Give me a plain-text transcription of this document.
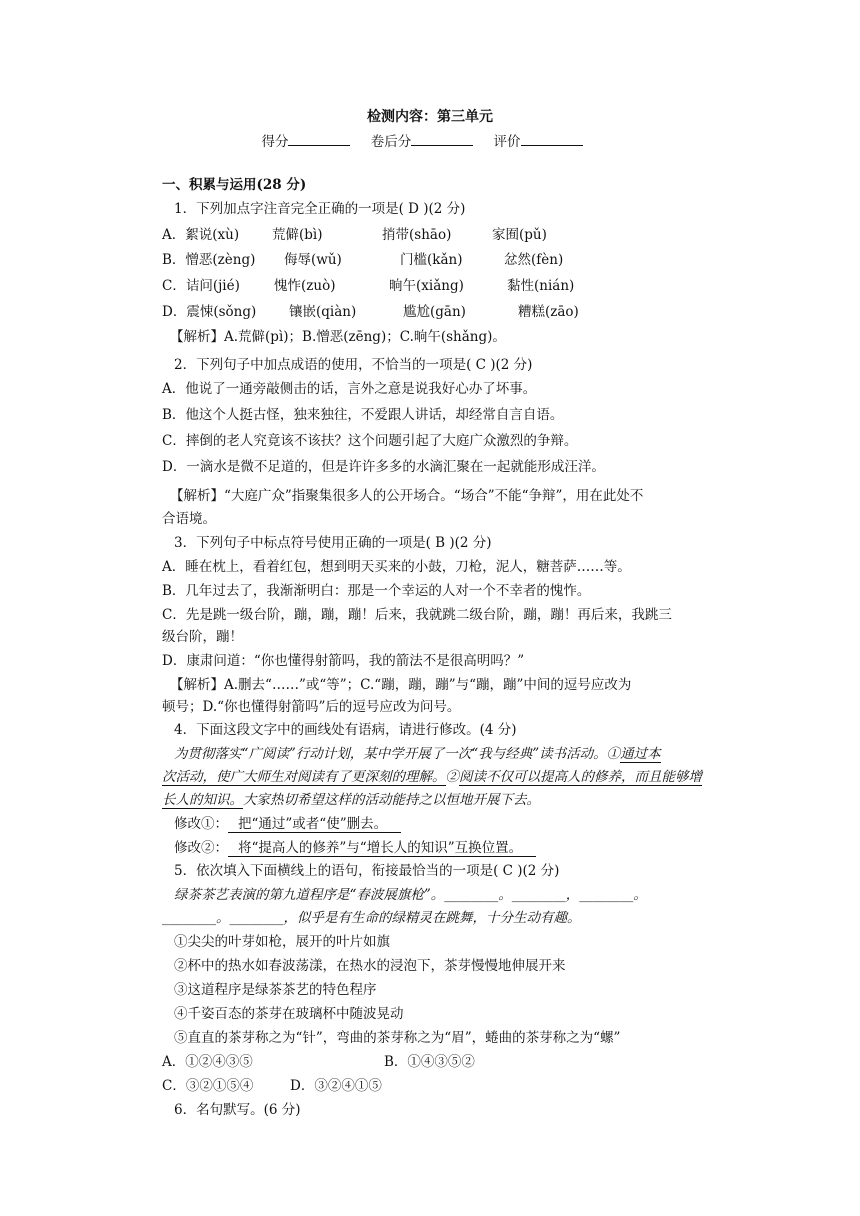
检测内容：第三单元
得分	卷后分	评价
一、积累与运用(28 分)
1．下列加点字注音完全正确的一项是( D )(2 分)
A．絮说(xù) 荒僻(bì)	捎带(shāo)	家囿(pǔ)
B．憎恶(zèng) 侮辱(wǔ)	门槛(kǎn)	忿然(fèn)
C．诘问(jié)	愧怍(zuò)	晌午(xiǎng)	黏性(nián)
D．震悚(sǒng) 镶嵌(qiàn)	尴尬(gān)	糟糕(zāo)
【解析】A.荒僻(pì)；B.憎恶(zēng)；C.晌午(shǎng)。
2．下列句子中加点成语的使用，不恰当的一项是( C )(2 分)
A．他说了一通旁敲侧击的话，言外之意是说我好心办了坏事。
B．他这个人挺古怪，独来独往，不爱跟人讲话，却经常自言自语。
C．摔倒的老人究竟该不该扶？这个问题引起了大庭广众激烈的争辩。
D．一滴水是微不足道的，但是许许多多的水滴汇聚在一起就能形成汪洋。
【解析】“大庭广众”指聚集很多人的公开场合。“场合”不能“争辩”，用在此处不
合语境。
3．下列句子中标点符号使用正确的一项是( B )(2 分)
A．睡在枕上，看着红包，想到明天买来的小鼓，刀枪，泥人，糖菩萨……等。
B．几年过去了，我渐渐明白：那是一个幸运的人对一个不幸者的愧怍。
C．先是跳一级台阶，蹦，蹦，蹦！后来，我就跳二级台阶，蹦，蹦！再后来，我跳三
级台阶，蹦！
D．康肃问道：“你也懂得射箭吗，我的箭法不是很高明吗？”
【解析】A.删去“……”或“等”；C.“蹦，蹦，蹦”与“蹦，蹦”中间的逗号应改为
顿号；D.“你也懂得射箭吗”后的逗号应改为问号。
4．下面这段文字中的画线处有语病，请进行修改。(4 分)
为贯彻落实“广阅读”行动计划，某中学开展了一次“我与经典”读书活动。①通过本
次活动，使广大师生对阅读有了更深刻的理解。②阅读不仅可以提高人的修养，而且能够增
长人的知识。大家热切希望这样的活动能持之以恒地开展下去。
修改①： 把“通过”或者“使”删去。
修改②： 将“提高人的修养”与“增长人的知识”互换位置。
5．依次填入下面横线上的语句，衔接最恰当的一项是( C )(2 分)
绿茶茶艺表演的第九道程序是“春波展旗枪”。________。________，________。
________。________，似乎是有生命的绿精灵在跳舞，十分生动有趣。
①尖尖的叶芽如枪，展开的叶片如旗
②杯中的热水如春波荡漾，在热水的浸泡下，茶芽慢慢地伸展开来
③这道程序是绿茶茶艺的特色程序
④千姿百态的茶芽在玻璃杯中随波晃动
⑤直直的茶芽称之为“针”，弯曲的茶芽称之为“眉”，蜷曲的茶芽称之为“螺”
A．①②④③⑤	B．①④③⑤②
C．③②①⑤④	D．③②④①⑤
6．名句默写。(6 分)
